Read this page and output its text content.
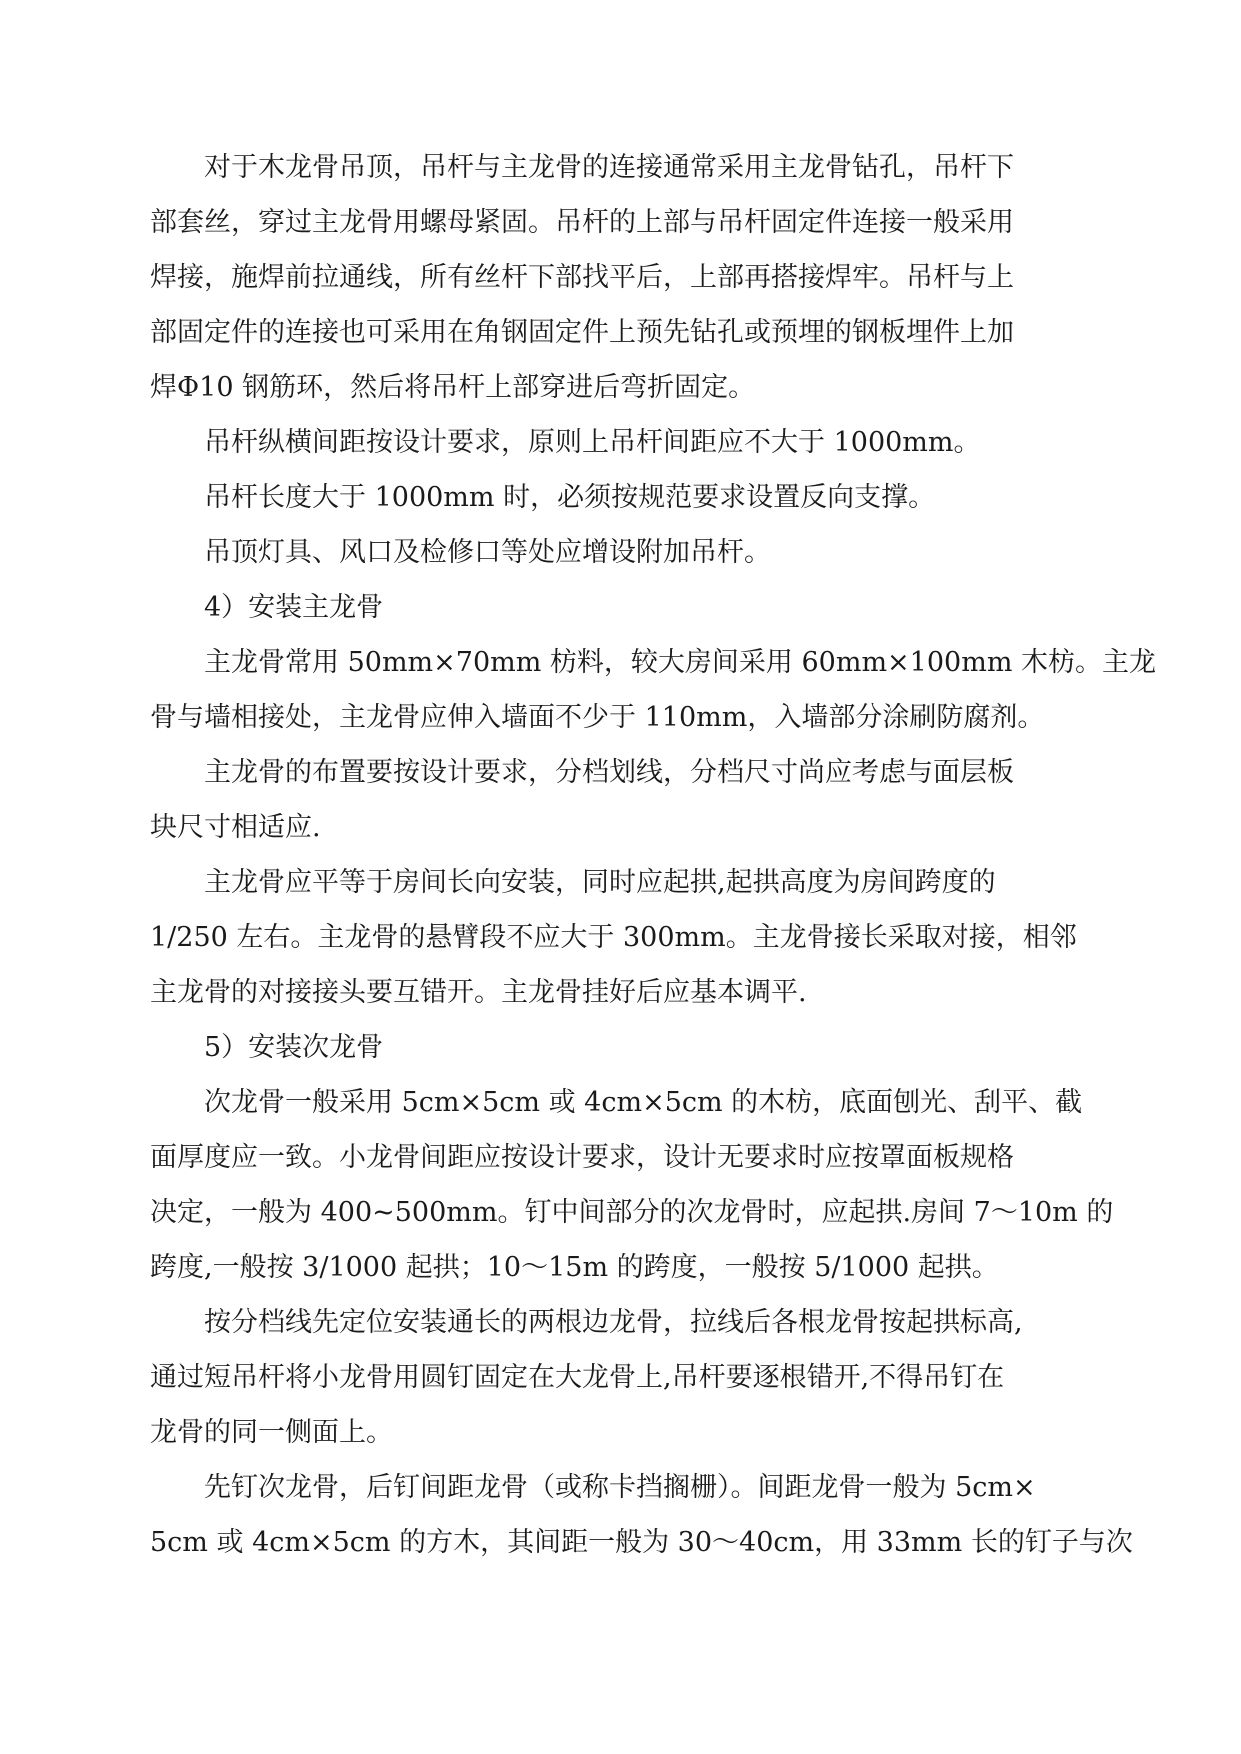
对于木龙骨吊顶，吊杆与主龙骨的连接通常采用主龙骨钻孔，吊杆下
部套丝，穿过主龙骨用螺母紧固。吊杆的上部与吊杆固定件连接一般采用
焊接，施焊前拉通线，所有丝杆下部找平后，上部再搭接焊牢。吊杆与上
部固定件的连接也可采用在角钢固定件上预先钻孔或预埋的钢板埋件上加
焊Φ10 钢筋环，然后将吊杆上部穿进后弯折固定。
吊杆纵横间距按设计要求，原则上吊杆间距应不大于 1000mm。
吊杆长度大于 1000mm 时，必须按规范要求设置反向支撑。
吊顶灯具、风口及检修口等处应增设附加吊杆。
4）安装主龙骨
主龙骨常用 50mm×70mm 枋料，较大房间采用 60mm×100mm 木枋。主龙
骨与墙相接处，主龙骨应伸入墙面不少于 110mm，入墙部分涂刷防腐剂。
主龙骨的布置要按设计要求，分档划线，分档尺寸尚应考虑与面层板
块尺寸相适应.
主龙骨应平等于房间长向安装，同时应起拱,起拱高度为房间跨度的
1/250 左右。主龙骨的悬臂段不应大于 300mm。主龙骨接长采取对接，相邻
主龙骨的对接接头要互错开。主龙骨挂好后应基本调平.
5）安装次龙骨
次龙骨一般采用 5cm×5cm 或 4cm×5cm 的木枋，底面刨光、刮平、截
面厚度应一致。小龙骨间距应按设计要求，设计无要求时应按罩面板规格
决定，一般为 400~500mm。钉中间部分的次龙骨时，应起拱.房间 7～10m 的
跨度,一般按 3/1000 起拱；10～15m 的跨度，一般按 5/1000 起拱。
按分档线先定位安装通长的两根边龙骨，拉线后各根龙骨按起拱标高,
通过短吊杆将小龙骨用圆钉固定在大龙骨上,吊杆要逐根错开,不得吊钉在
龙骨的同一侧面上。
先钉次龙骨，后钉间距龙骨（或称卡挡搁栅）。间距龙骨一般为 5cm×
5cm 或 4cm×5cm 的方木，其间距一般为 30～40cm，用 33mm 长的钉子与次
